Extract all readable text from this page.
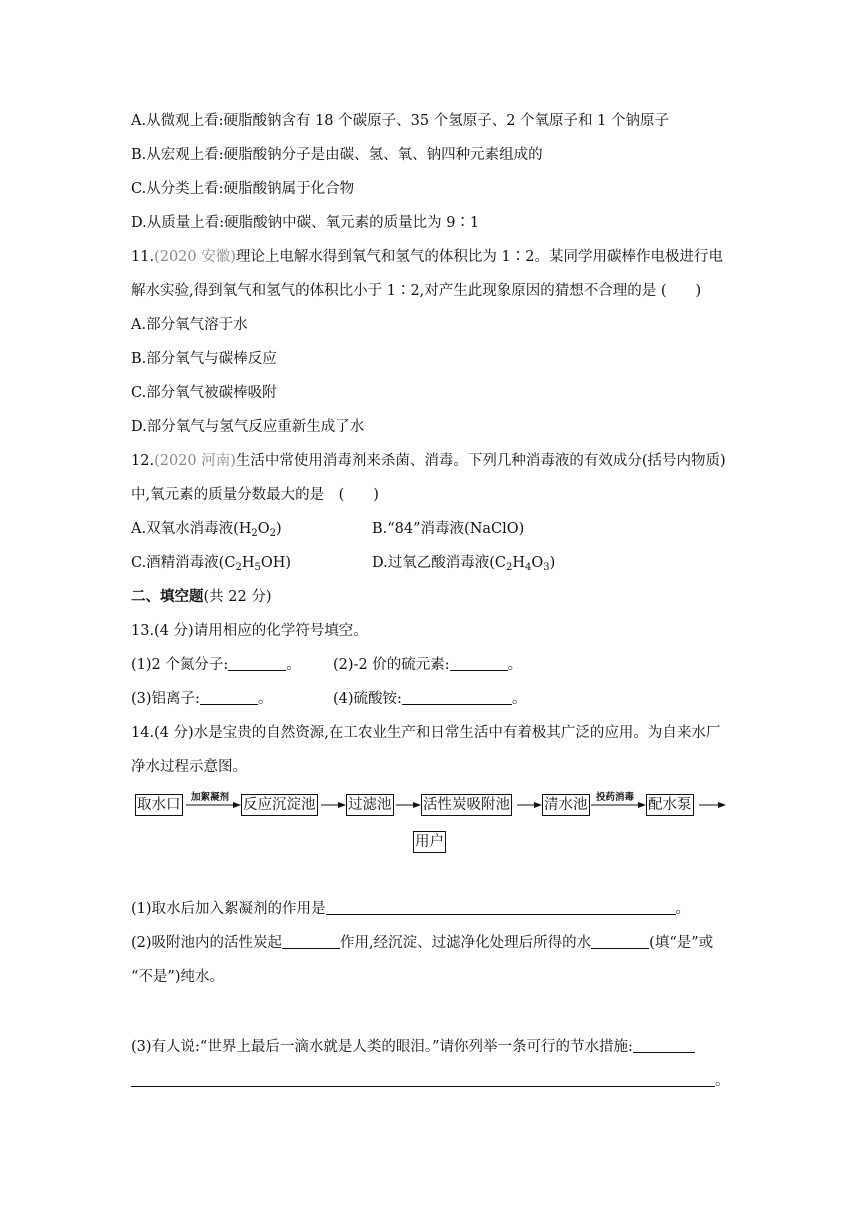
A.从微观上看:硬脂酸钠含有 18 个碳原子、35 个氢原子、2 个氧原子和 1 个钠原子
B.从宏观上看:硬脂酸钠分子是由碳、氢、氧、钠四种元素组成的
C.从分类上看:硬脂酸钠属于化合物
D.从质量上看:硬脂酸钠中碳、氧元素的质量比为 9∶1
11.(2020 安徽)理论上电解水得到氧气和氢气的体积比为 1∶2。某同学用碳棒作电极进行电
解水实验,得到氧气和氢气的体积比小于 1∶2,对产生此现象原因的猜想不合理的是 (　　)
A.部分氧气溶于水
B.部分氧气与碳棒反应
C.部分氧气被碳棒吸附
D.部分氧气与氢气反应重新生成了水
12.(2020 河南)生活中常使用消毒剂来杀菌、消毒。下列几种消毒液的有效成分(括号内物质)
中,氧元素的质量分数最大的是　(　　)
A.双氧水消毒液$(H_2O_2)$	B.“84”消毒液(NaClO)
C.酒精消毒液$(C_2H_5OH)$	D.过氧乙酸消毒液$(C_2H_4O_3)$
二、填空题(共 22 分)
13.(4 分)请用相应的化学符号填空。
(1)2 个氮分子:	。 (2)-2 价的硫元素:	。
(3)铝离子:	。	(4)硫酸铵:	。
14.(4 分)水是宝贵的自然资源,在工农业生产和日常生活中有着极其广泛的应用。为自来水厂
净水过程示意图。
取水口 加絮凝剂 反应沉淀池 过滤池 活性炭吸附池 清水池 投药消毒 配水泵
用户
(1)取水后加入絮凝剂的作用是	。
(2)吸附池内的活性炭起	作用,经沉淀、过滤净化处理后所得的水	(填“是”或
“不是”)纯水。
(3)有人说:“世界上最后一滴水就是人类的眼泪。”请你列举一条可行的节水措施:
。
